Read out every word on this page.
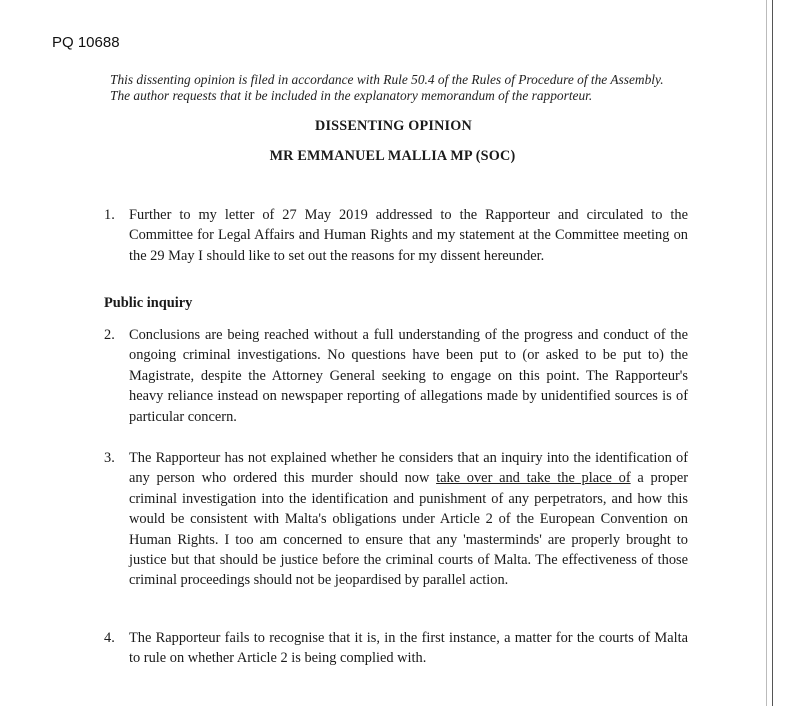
PQ 10688
This dissenting opinion is filed in accordance with Rule 50.4 of the Rules of Procedure of the Assembly.
The author requests that it be included in the explanatory memorandum of the rapporteur.
DISSENTING OPINION
MR EMMANUEL MALLIA MP (SOC)
1. Further to my letter of 27 May 2019 addressed to the Rapporteur and circulated to the Committee for Legal Affairs and Human Rights and my statement at the Committee meeting on the 29 May I should like to set out the reasons for my dissent hereunder.
Public inquiry
2. Conclusions are being reached without a full understanding of the progress and conduct of the ongoing criminal investigations. No questions have been put to (or asked to be put to) the Magistrate, despite the Attorney General seeking to engage on this point. The Rapporteur's heavy reliance instead on newspaper reporting of allegations made by unidentified sources is of particular concern.
3. The Rapporteur has not explained whether he considers that an inquiry into the identification of any person who ordered this murder should now take over and take the place of a proper criminal investigation into the identification and punishment of any perpetrators, and how this would be consistent with Malta's obligations under Article 2 of the European Convention on Human Rights. I too am concerned to ensure that any 'masterminds' are properly brought to justice but that should be justice before the criminal courts of Malta. The effectiveness of those criminal proceedings should not be jeopardised by parallel action.
4. The Rapporteur fails to recognise that it is, in the first instance, a matter for the courts of Malta to rule on whether Article 2 is being complied with.
